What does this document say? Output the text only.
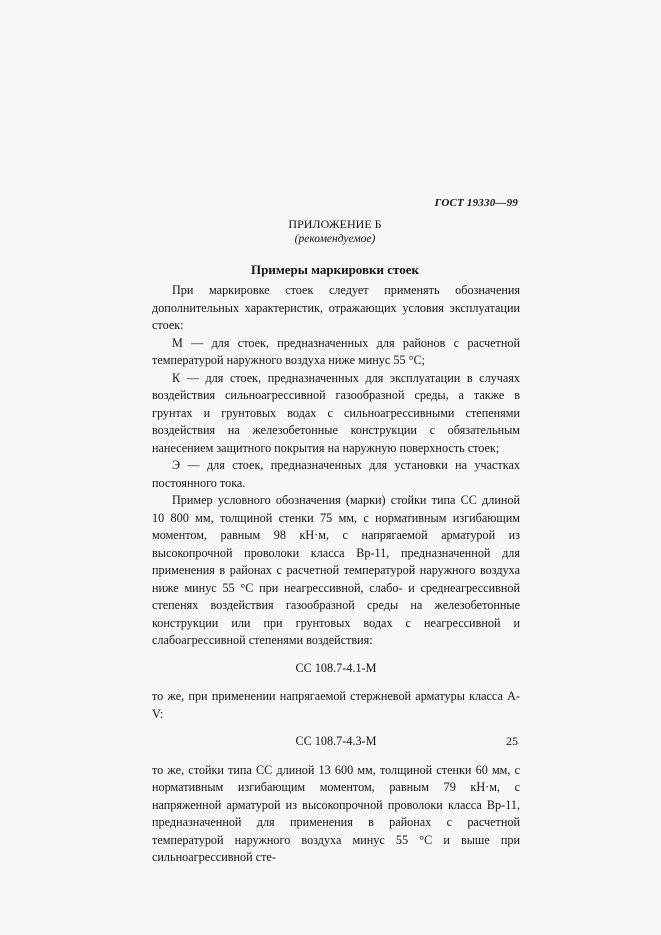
ГОСТ 19330—99
ПРИЛОЖЕНИЕ Б
(рекомендуемое)
Примеры маркировки стоек

При маркировке стоек следует применять обозначения дополнительных характеристик, отражающих условия эксплуатации стоек:

М — для стоек, предназначенных для районов с расчетной температурой наружного воздуха ниже минус 55 °С;

К — для стоек, предназначенных для эксплуатации в случаях воздействия сильноагрессивной газообразной среды, а также в грунтах и грунтовых водах с сильноагрессивными степенями воздействия на железобетонные конструкции с обязательным нанесением защитного покрытия на наружную поверхность стоек;

Э — для стоек, предназначенных для установки на участках постоянного тока.

Пример условного обозначения (марки) стойки типа СС длиной 10 800 мм, толщиной стенки 75 мм, с нормативным изгибающим моментом, равным 98 кН·м, с напрягаемой арматурой из высокопрочной проволоки класса Вр-11, предназначенной для применения в районах с расчетной температурой наружного воздуха ниже минус 55 °С при неагрессивной, слабо- и среднеагрессивной степенях воздействия газообразной среды на железобетонные конструкции или при грунтовых водах с неагрессивной и слабоагрессивной степенями воздействия:

СС 108.7-4.1-М

то же, при применении напрягаемой стержневой арматуры класса А-V:

СС 108.7-4.3-М

то же, стойки типа СС длиной 13 600 мм, толщиной стенки 60 мм, с нормативным изгибающим моментом, равным 79 кН·м, с напряженной арматурой из высокопрочной проволоки класса Вр-11, предназначенной для применения в районах с расчетной температурой наружного воздуха минус 55 °С и выше при сильноагрессивной сте-

25
